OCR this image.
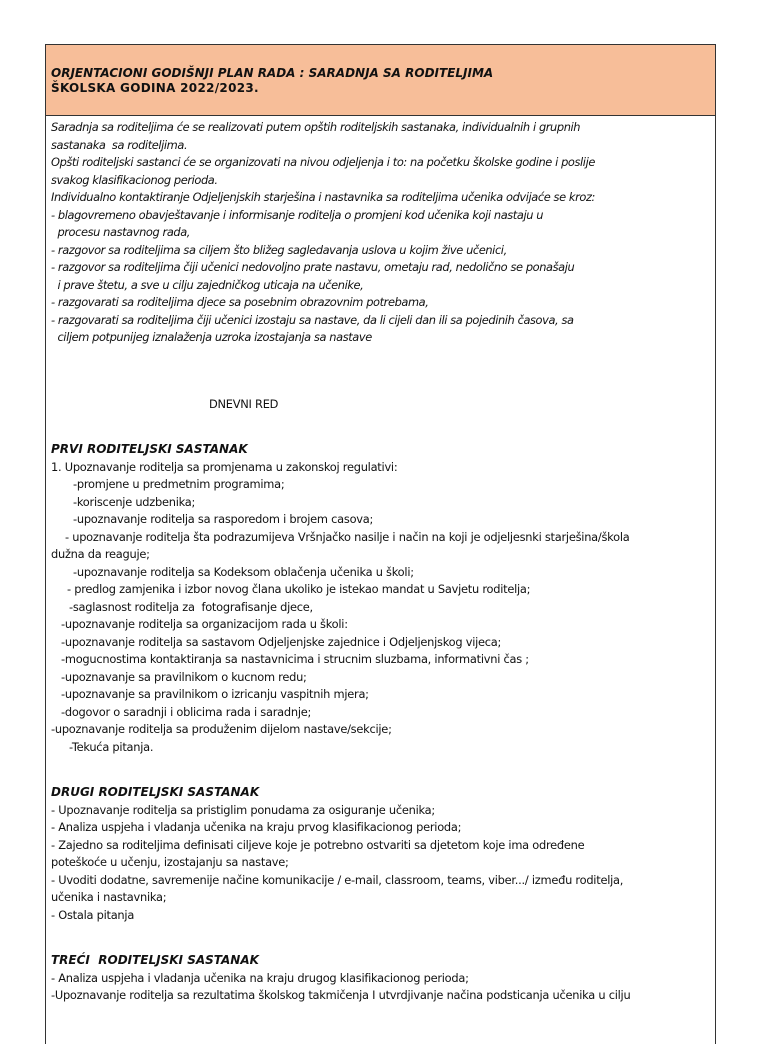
ORJENTACIONI GODIŠNJI PLAN RADA : SARADNJA SA RODITELJIMA
ŠKOLSKA GODINA 2022/2023.

Saradnja sa roditeljima će se realizovati putem opštih roditeljskih sastanaka, individualnih i grupnih

sastanaka  sa roditeljima.

Opšti roditeljski sastanci će se organizovati na nivou odjeljenja i to: na početku školske godine i poslije

svakog klasifikacionog perioda.

Individualno kontaktiranje Odjeljenjskih starješina i nastavnika sa roditeljima učenika odvijaće se kroz:

- blagovremeno obavještavanje i informisanje roditelja o promjeni kod učenika koji nastaju u

procesu nastavnog rada,

- razgovor sa roditeljima sa ciljem što bližeg sagledavanja uslova u kojim žive učenici,

- razgovor sa roditeljima čiji učenici nedovoljno prate nastavu, ometaju rad, nedolično se ponašaju

i prave štetu, a sve u cilju zajedničkog uticaja na učenike,

- razgovarati sa roditeljima djece sa posebnim obrazovnim potrebama,

- razgovarati sa roditeljima čiji učenici izostaju sa nastave, da li cijeli dan ili sa pojedinih časova, sa

ciljem potpunijeg iznalaženja uzroka izostajanja sa nastave

DNEVNI RED

PRVI RODITELJSKI SASTANAK

1. Upoznavanje roditelja sa promjenama u zakonskoj regulativi:

-promjene u predmetnim programima;

-koriscenje udzbenika;

-upoznavanje roditelja sa rasporedom i brojem casova;

- upoznavanje roditelja šta podrazumijeva Vršnjačko nasilje i način na koji je odjeljesnki starješina/škola

dužna da reaguje;

-upoznavanje roditelja sa Kodeksom oblačenja učenika u školi;

- predlog zamjenika i izbor novog člana ukoliko je istekao mandat u Savjetu roditelja;

-saglasnost roditelja za  fotografisanje djece,

-upoznavanje roditelja sa organizacijom rada u školi:

-upoznavanje roditelja sa sastavom Odjeljenjske zajednice i Odjeljenjskog vijeca;

-mogucnostima kontaktiranja sa nastavnicima i strucnim sluzbama, informativni čas ;

-upoznavanje sa pravilnikom o kucnom redu;

-upoznavanje sa pravilnikom o izricanju vaspitnih mjera;

-dogovor o saradnji i oblicima rada i saradnje;

-upoznavanje roditelja sa produženim dijelom nastave/sekcije;

-Tekuća pitanja.

DRUGI RODITELJSKI SASTANAK

- Upoznavanje roditelja sa pristiglim ponudama za osiguranje učenika;

- Analiza uspjeha i vladanja učenika na kraju prvog klasifikacionog perioda;

- Zajedno sa roditeljima definisati ciljeve koje je potrebno ostvariti sa djetetom koje ima određene

poteškoće u učenju, izostajanju sa nastave;

- Uvoditi dodatne, savremenije načine komunikacije / e-mail, classroom, teams, viber.../ između roditelja,

učenika i nastavnika;

- Ostala pitanja

TREĆI  RODITELJSKI SASTANAK

- Analiza uspjeha i vladanja učenika na kraju drugog klasifikacionog perioda;

-Upoznavanje roditelja sa rezultatima školskog takmičenja I utvrdjivanje načina podsticanja učenika u cilju
